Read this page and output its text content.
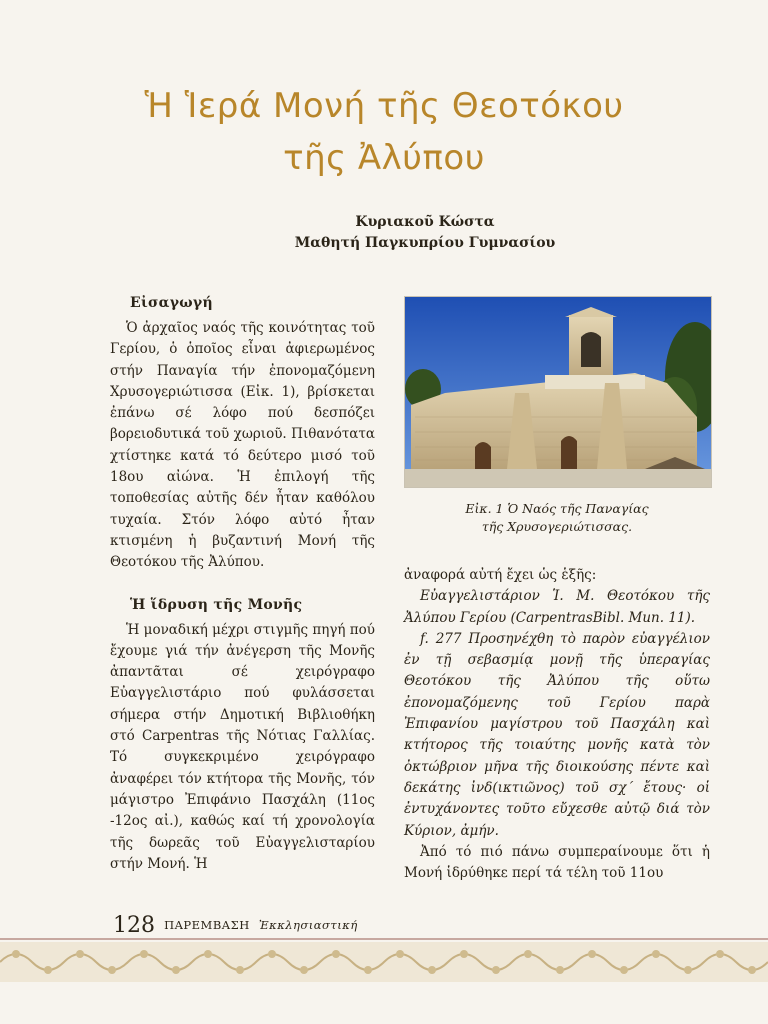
Ἡ Ἱερά Μονή τῆς Θεοτόκου
τῆς Ἀλύπου
Κυριακοῦ Κώστα
Μαθητή Παγκυπρίου Γυμνασίου
Εἰσαγωγή

Ὁ ἀρχαῖος ναός τῆς κοινότητας τοῦ Γερίου, ὁ ὁποῖος εἶναι ἀφιερωμένος στήν Παναγία τήν ἐπονομαζόμενη Χρυσογεριώτισσα (Εἰκ. 1), βρίσκεται ἐπάνω σέ λόφο πού δεσπόζει βορειοδυτικά τοῦ χωριοῦ. Πιθανότατα χτίστηκε κατά τό δεύτερο μισό τοῦ 18ου αἰώνα. Ἡ ἐπιλογή τῆς τοποθεσίας αὐτῆς δέν ἦταν καθόλου τυχαία. Στόν λόφο αὐτό ἦταν κτισμένη ἡ βυζαντινή Μονή τῆς Θεοτόκου τῆς Ἀλύπου.

Ἡ ἵδρυση τῆς Μονῆς

Ἡ μοναδική μέχρι στιγμῆς πηγή πού ἔχουμε γιά τήν ἀνέγερση τῆς Μονῆς ἀπαντᾶται σέ χειρόγραφο Εὐαγγελιστάριο πού φυλάσσεται σήμερα στήν Δημοτική Βιβλιοθήκη στό Carpentras τῆς Νότιας Γαλλίας. Τό συγκεκριμένο χειρόγραφο ἀναφέρει τόν κτήτορα τῆς Μονῆς, τόν μάγιστρο Ἐπιφάνιο Πασχάλη (11ος -12ος αἰ.), καθώς καί τή χρονολογία τῆς δωρεᾶς τοῦ Εὐαγγελισταρίου στήν Μονή. Ἡ

Εἰκ. 1 Ὁ Ναός τῆς Παναγίας
τῆς Χρυσογεριώτισσας.

ἀναφορά αὐτή ἔχει ὡς ἑξῆς:

Εὐαγγελιστάριον Ἱ. Μ. Θεοτόκου τῆς Ἀλύπου Γερίου (CarpentrasBibl. Mun. 11).

f. 277 Προσηνέχθη τὸ παρὸν εὐαγγέλιον ἐν τῇ σεβασμίᾳ μονῇ τῆς ὑπεραγίας Θεοτόκου τῆς Ἀλύπου τῆς οὕτω ἐπονομαζόμενης τοῦ Γερίου παρὰ Ἐπιφανίου μαγίστρου τοῦ Πασχάλη καὶ κτήτορος τῆς τοιαύτης μονῆς κατὰ τὸν ὀκτώβριον μῆνα τῆς διοικούσης πέντε καὶ δεκάτης ἰνδ(ικτιῶνος) τοῦ σχ΄ ἔτους· οἱ ἐντυχάνοντες τοῦτο εὔχεσθε αὐτῷ διά τὸν Κύριον, ἀμήν.

Ἀπό τό πιό πάνω συμπεραίνουμε ὅτι ἡ Μονή ἱδρύθηκε περί τά τέλη τοῦ 11ου

128 ΠΑΡΕΜΒΑΣΗ Ἐκκλησιαστική
